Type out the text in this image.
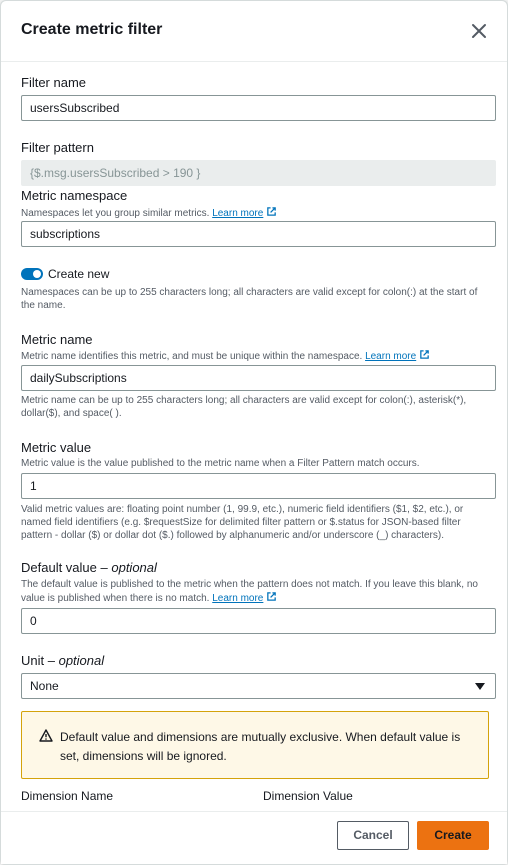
Create metric filter
Filter name
usersSubscribed
Filter pattern
{$.msg.usersSubscribed > 190 }
Metric namespace
Namespaces let you group similar metrics. Learn more
subscriptions
Create new
Namespaces can be up to 255 characters long; all characters are valid except for colon(:) at the start of the name.
Metric name
Metric name identifies this metric, and must be unique within the namespace. Learn more
dailySubscriptions
Metric name can be up to 255 characters long; all characters are valid except for colon(:), asterisk(*), dollar($), and space( ).
Metric value
Metric value is the value published to the metric name when a Filter Pattern match occurs.
1
Valid metric values are: floating point number (1, 99.9, etc.), numeric field identifiers ($1, $2, etc.), or named field identifiers (e.g. $requestSize for delimited filter pattern or $.status for JSON-based filter pattern - dollar ($) or dollar dot ($.) followed by alphanumeric and/or underscore (_) characters).
Default value – optional
The default value is published to the metric when the pattern does not match. If you leave this blank, no value is published when there is no match. Learn more
0
Unit – optional
None
Default value and dimensions are mutually exclusive. When default value is set, dimensions will be ignored.
Dimension Name	Dimension Value
Cancel	Create
